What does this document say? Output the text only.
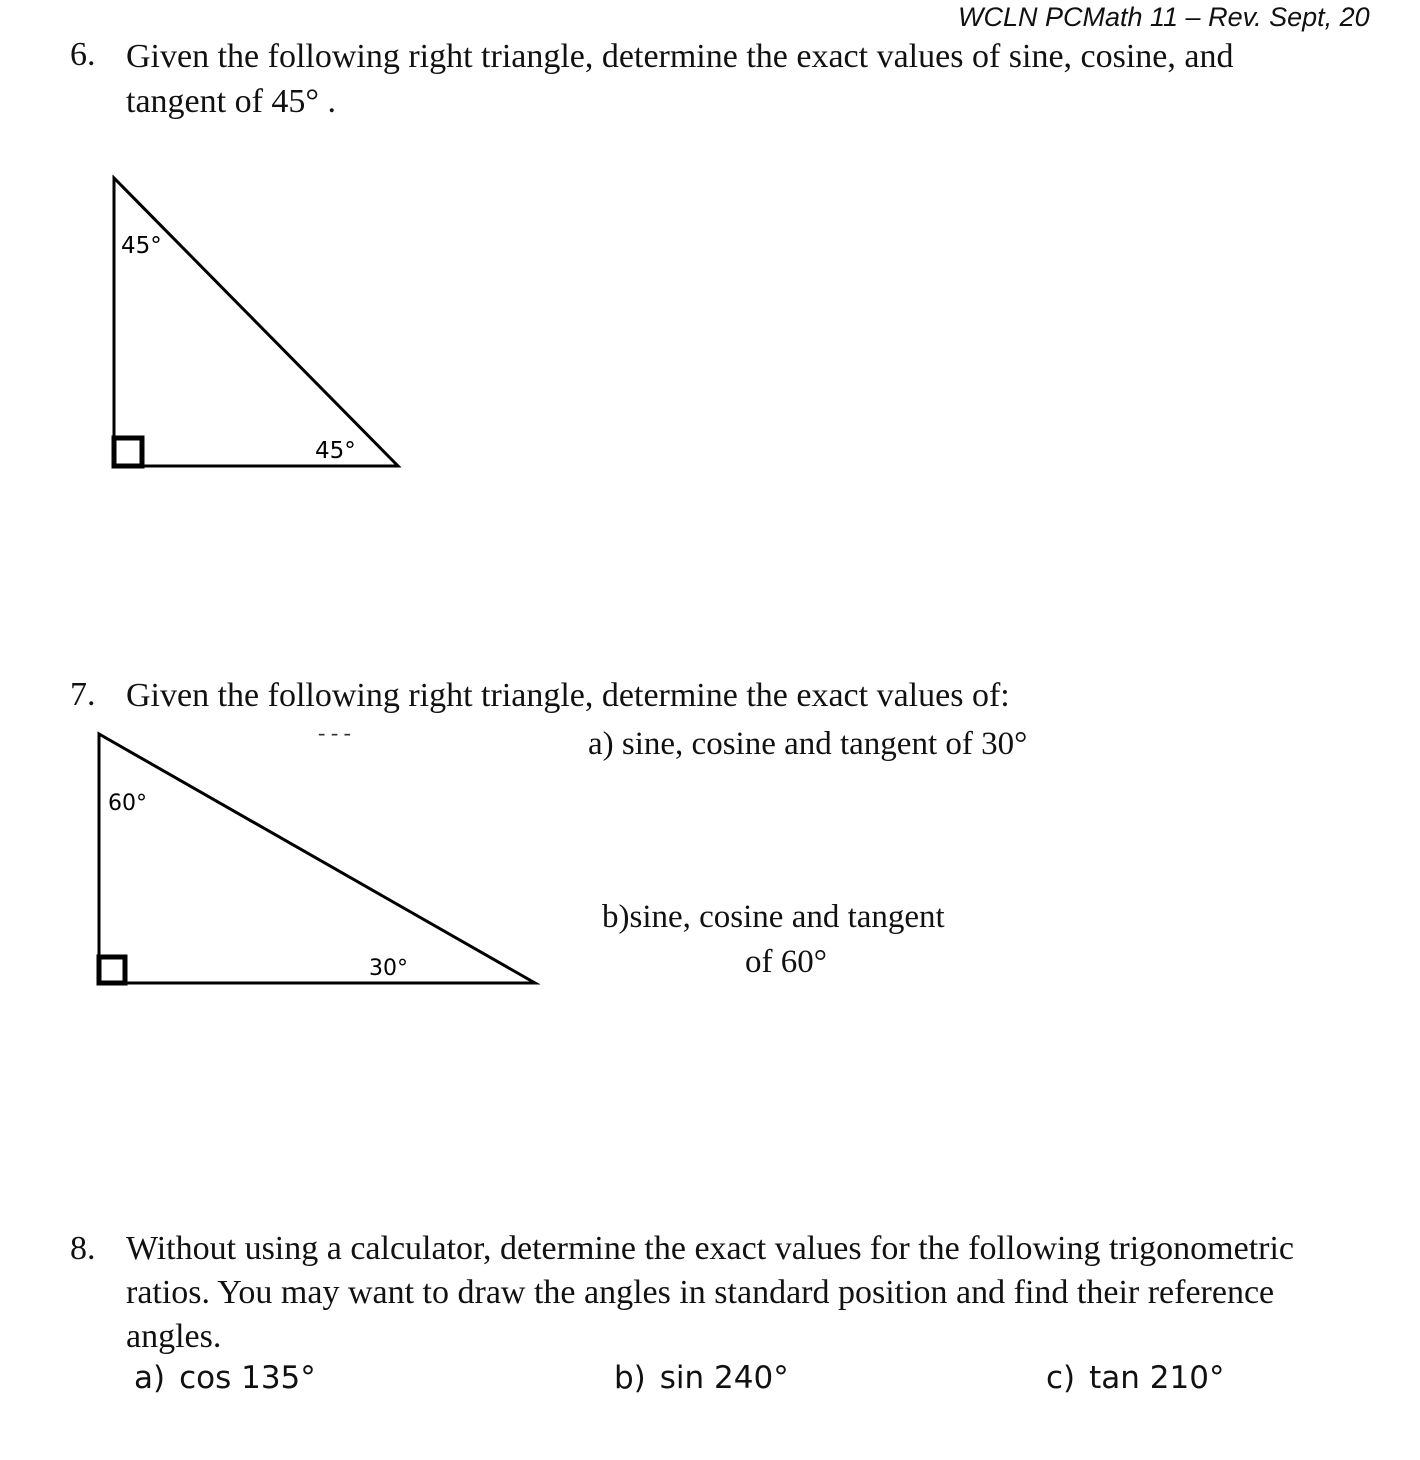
WCLN PCMath 11 – Rev. Sept, 20
6. Given the following right triangle, determine the exact values of sine, cosine, and
tangent of 45° .
45°
45°
7. Given the following right triangle, determine the exact values of:
- - -	a) sine, cosine and tangent of 30°
b)sine, cosine and tangent
of 60°
60°
30°
8. Without using a calculator, determine the exact values for the following trigonometric
ratios. You may want to draw the angles in standard position and find their reference
angles.
a) cos 135°	b) sin 240°	c) tan 210°
